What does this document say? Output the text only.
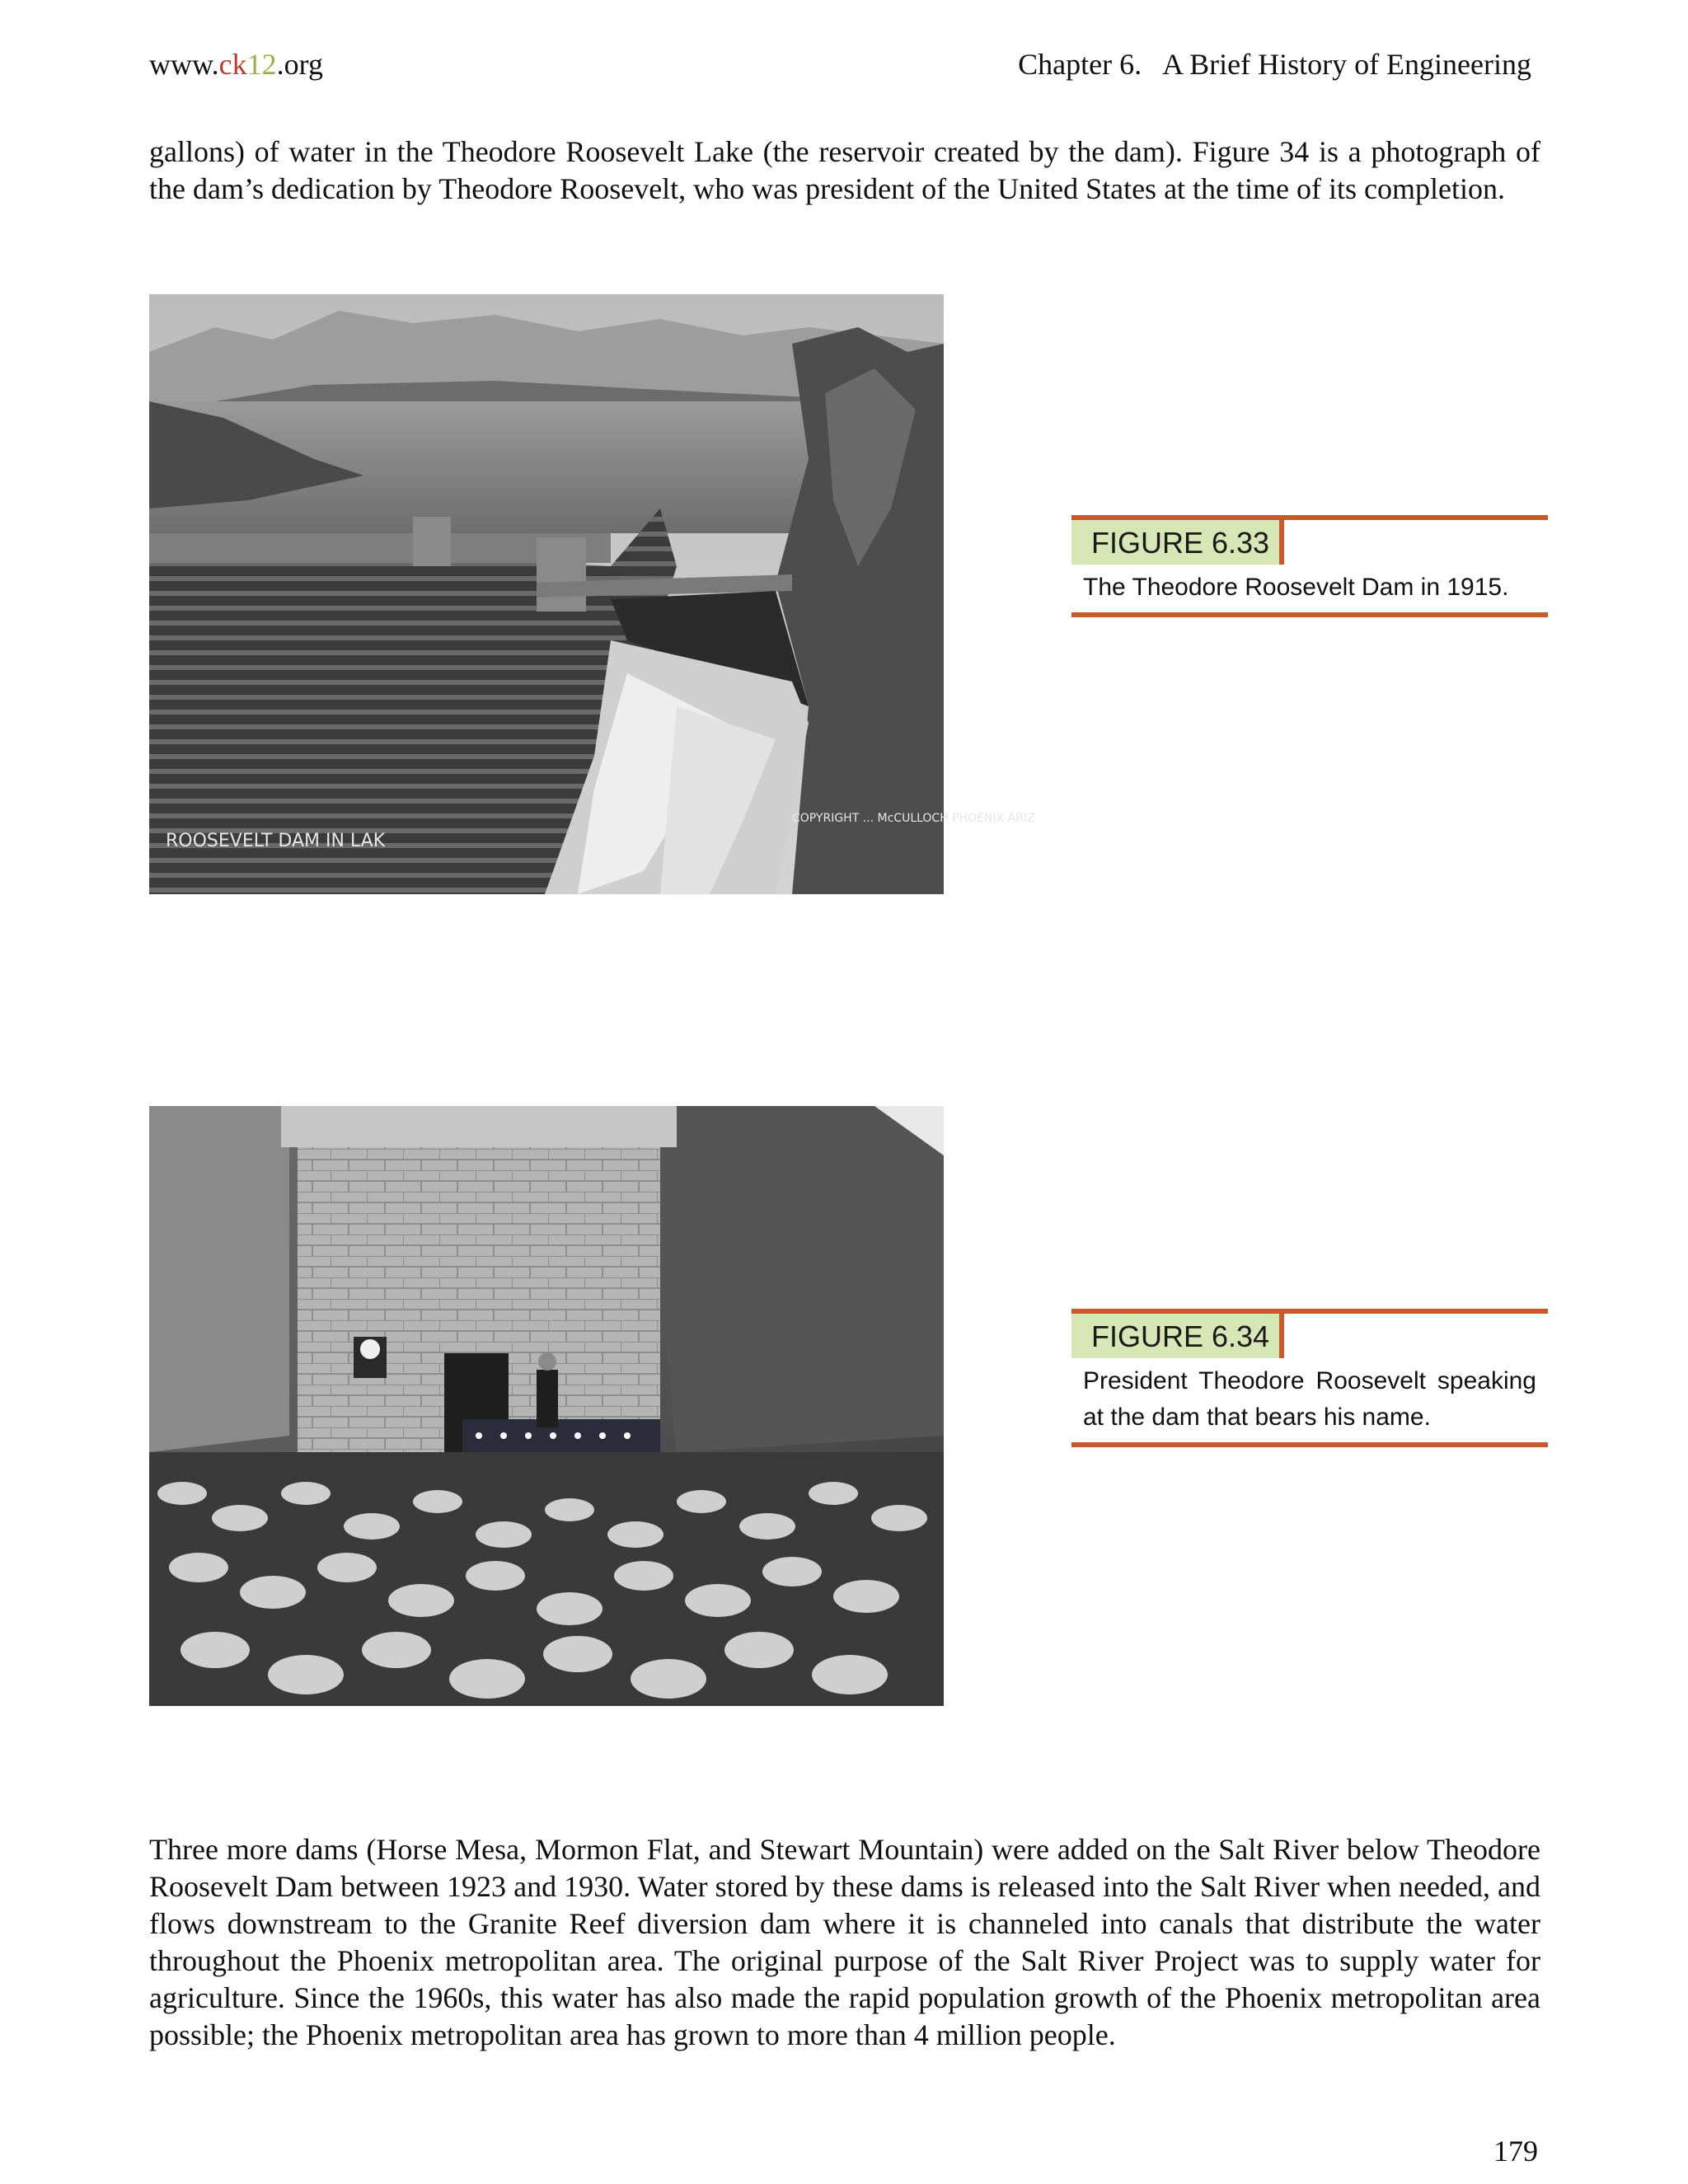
www.ck12.org	Chapter 6.   A Brief History of Engineering

gallons) of water in the Theodore Roosevelt Lake (the reservoir created by the dam). Figure 34 is a photograph of the dam’s dedication by Theodore Roosevelt, who was president of the United States at the time of its completion.

ROOSEVELT DAM IN LAK
COPYRIGHT ... McCULLOCH PHOENIX ARIZ
FIGURE 6.33
The Theodore Roosevelt Dam in 1915.
FIGURE 6.34
President Theodore Roosevelt speaking at the dam that bears his name.

Three more dams (Horse Mesa, Mormon Flat, and Stewart Mountain) were added on the Salt River below Theodore Roosevelt Dam between 1923 and 1930. Water stored by these dams is released into the Salt River when needed, and flows downstream to the Granite Reef diversion dam where it is channeled into canals that distribute the water throughout the Phoenix metropolitan area. The original purpose of the Salt River Project was to supply water for agriculture. Since the 1960s, this water has also made the rapid population growth of the Phoenix metropolitan area possible; the Phoenix metropolitan area has grown to more than 4 million people.

179
